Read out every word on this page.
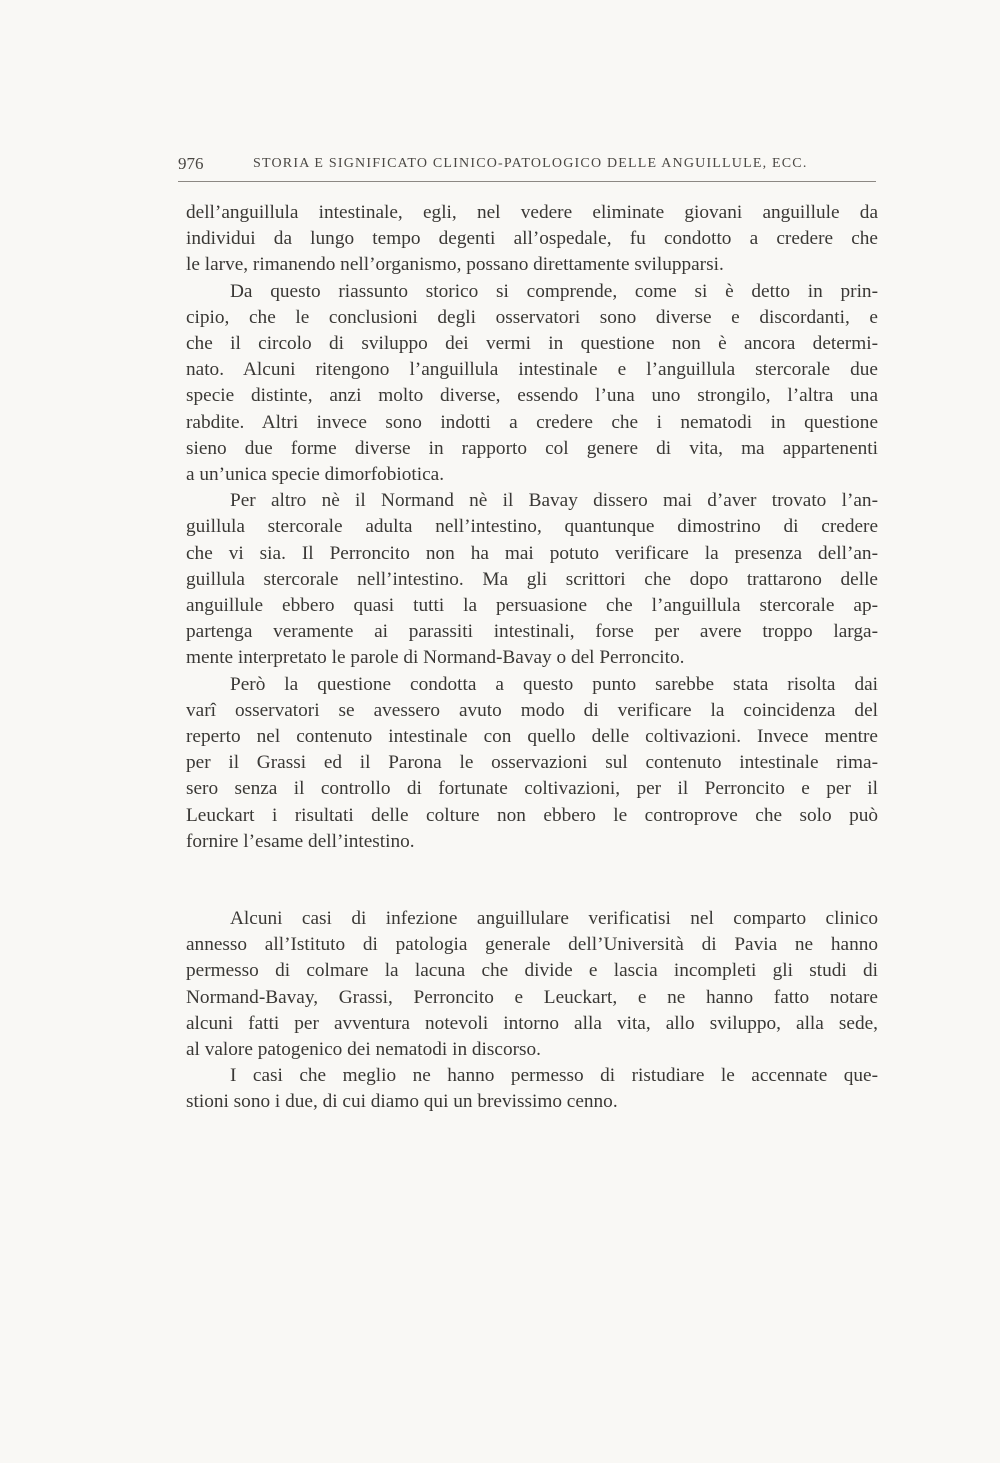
976	STORIA E SIGNIFICATO CLINICO-PATOLOGICO DELLE ANGUILLULE, ECC.
dell’anguillula intestinale, egli, nel vedere eliminate giovani anguillule da
individui da lungo tempo degenti all’ospedale, fu condotto a credere che
le larve, rimanendo nell’organismo, possano direttamente svilupparsi.
Da questo riassunto storico si comprende, come si è detto in prin-
cipio, che le conclusioni degli osservatori sono diverse e discordanti, e
che il circolo di sviluppo dei vermi in questione non è ancora determi-
nato. Alcuni ritengono l’anguillula intestinale e l’anguillula stercorale due
specie distinte, anzi molto diverse, essendo l’una uno strongilo, l’altra una
rabdite. Altri invece sono indotti a credere che i nematodi in questione
sieno due forme diverse in rapporto col genere di vita, ma appartenenti
a un’unica specie dimorfobiotica.
Per altro nè il Normand nè il Bavay dissero mai d’aver trovato l’an-
guillula stercorale adulta nell’intestino, quantunque dimostrino di credere
che vi sia. Il Perroncito non ha mai potuto verificare la presenza dell’an-
guillula stercorale nell’intestino. Ma gli scrittori che dopo trattarono delle
anguillule ebbero quasi tutti la persuasione che l’anguillula stercorale ap-
partenga veramente ai parassiti intestinali, forse per avere troppo larga-
mente interpretato le parole di Normand-Bavay o del Perroncito.
Però la questione condotta a questo punto sarebbe stata risolta dai
varî osservatori se avessero avuto modo di verificare la coincidenza del
reperto nel contenuto intestinale con quello delle coltivazioni. Invece mentre
per il Grassi ed il Parona le osservazioni sul contenuto intestinale rima-
sero senza il controllo di fortunate coltivazioni, per il Perroncito e per il
Leuckart i risultati delle colture non ebbero le controprove che solo può
fornire l’esame dell’intestino.
Alcuni casi di infezione anguillulare verificatisi nel comparto clinico
annesso all’Istituto di patologia generale dell’Università di Pavia ne hanno
permesso di colmare la lacuna che divide e lascia incompleti gli studi di
Normand-Bavay, Grassi, Perroncito e Leuckart, e ne hanno fatto notare
alcuni fatti per avventura notevoli intorno alla vita, allo sviluppo, alla sede,
al valore patogenico dei nematodi in discorso.
I casi che meglio ne hanno permesso di ristudiare le accennate que-
stioni sono i due, di cui diamo qui un brevissimo cenno.
